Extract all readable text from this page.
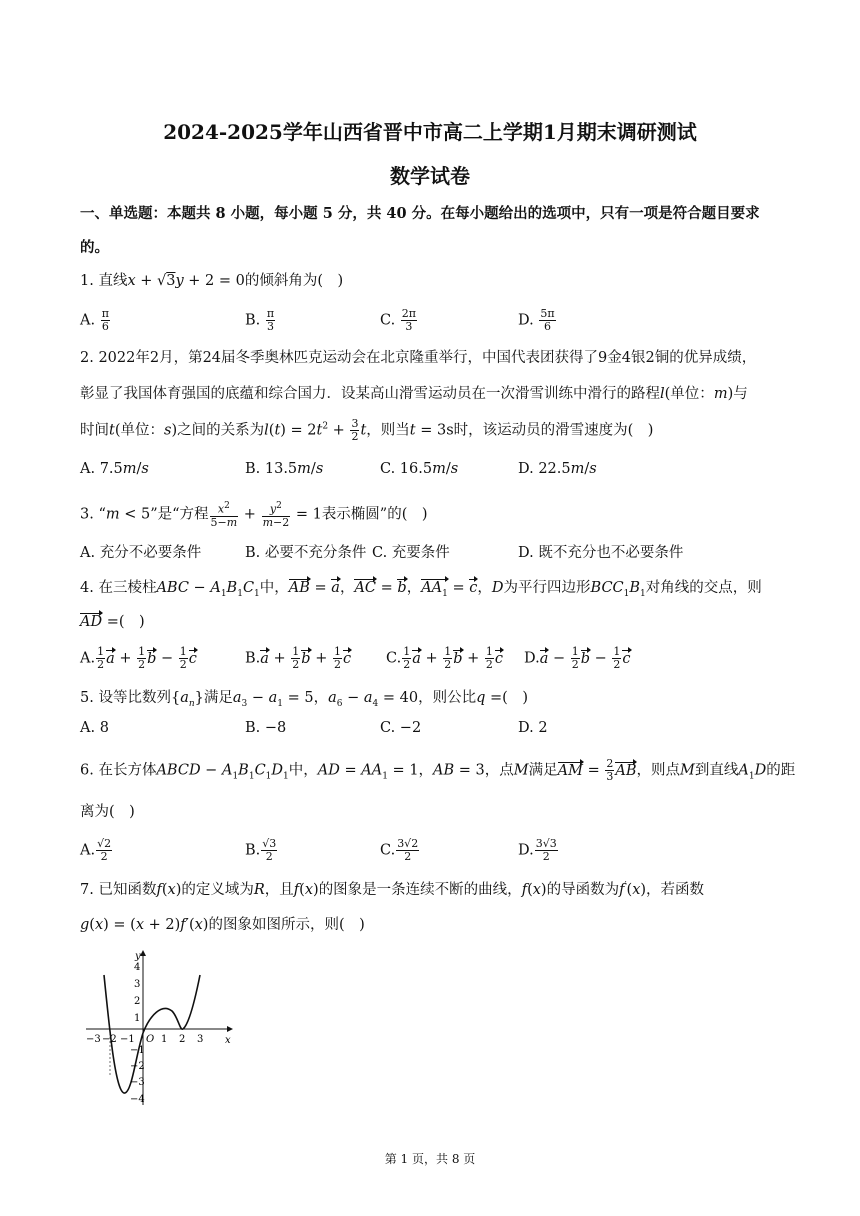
2024-2025学年山西省晋中市高二上学期1月期末调研测试
数学试卷
一、单选题：本题共 8 小题，每小题 5 分，共 40 分。在每小题给出的选项中，只有一项是符合题目要求
的。
1. 直线x + √3y + 2 = 0的倾斜角为(　)
A. $\frac{\pi}{6}$	B. $\frac{\pi}{3}$	C. $\frac{2\pi}{3}$	D. $\frac{5\pi}{6}$
2. 2022年2月，第24届冬季奥林匹克运动会在北京隆重举行，中国代表团获得了9金4银2铜的优异成绩，
彰显了我国体育强国的底蕴和综合国力．设某高山滑雪运动员在一次滑雪训练中滑行的路程l(单位：m)与
时间t(单位：s)之间的关系为$l(t) = 2t^2 + \frac{3}{2}$ t，则当t = 3s时，该运动员的滑雪速度为(　)
A. 7.5m/s	B. 13.5m/s	C. 16.5m/s	D. 22.5m/s
3. “m < 5”是“方程 $\frac{x^2}{5-m} + \frac{y^2}{m-2} = 1$表示椭圆”的(　)
A. 充分不必要条件	B. 必要不充分条件 C. 充要条件	D. 既不充分也不必要条件
4. 在三棱柱ABC − $A_1B_1C_1$中，AB = a，AC = b，$AA_1 = c$，D为平行四边形$BCC_1B_1$对角线的交点，则
AD =(　)
A. $\frac{1}{2}$ $a + \frac{1}{2}$ $b - \frac{1}{2}$ c	$B.a + \frac{1}{2}$ $b + \frac{1}{2}$ c C. $\frac{1}{2}$ $a + \frac{1}{2}$ $b + \frac{1}{2}$ c $D.a - \frac{1}{2}$ $b - \frac{1}{2}$ c
5. 设等比数列$\{a_n\}$满足$a_3 - a_1 = 5$，$a_6 - a_4 = 40$，则公比q =(　)
A. 8	B. −8	C. −2	D. 2
6. 在长方体ABCD − $A_1B_1C_1D_1$中，AD = $AA_1 = 1$，AB = 3，点M满足AM = $\frac{2}{3}$ AB，则点M到直线$A_1D$的距
离为(　)
A. $\frac{√2}{2}$	B. $\frac{√3}{2}$	C. $\frac{3√2}{2}$	D. $\frac{3√3}{2}$
7. 已知函数f(x)的定义域为R，且f(x)的图象是一条连续不断的曲线，f(x)的导函数为f′(x)，若函数
g(x) = (x + 2)f′(x)的图象如图所示，则(　)
x
y
O
−3 −2 −1	1 2 3
4
3
2
1
−1
−2
−3
−4
第 1 页，共 8 页
